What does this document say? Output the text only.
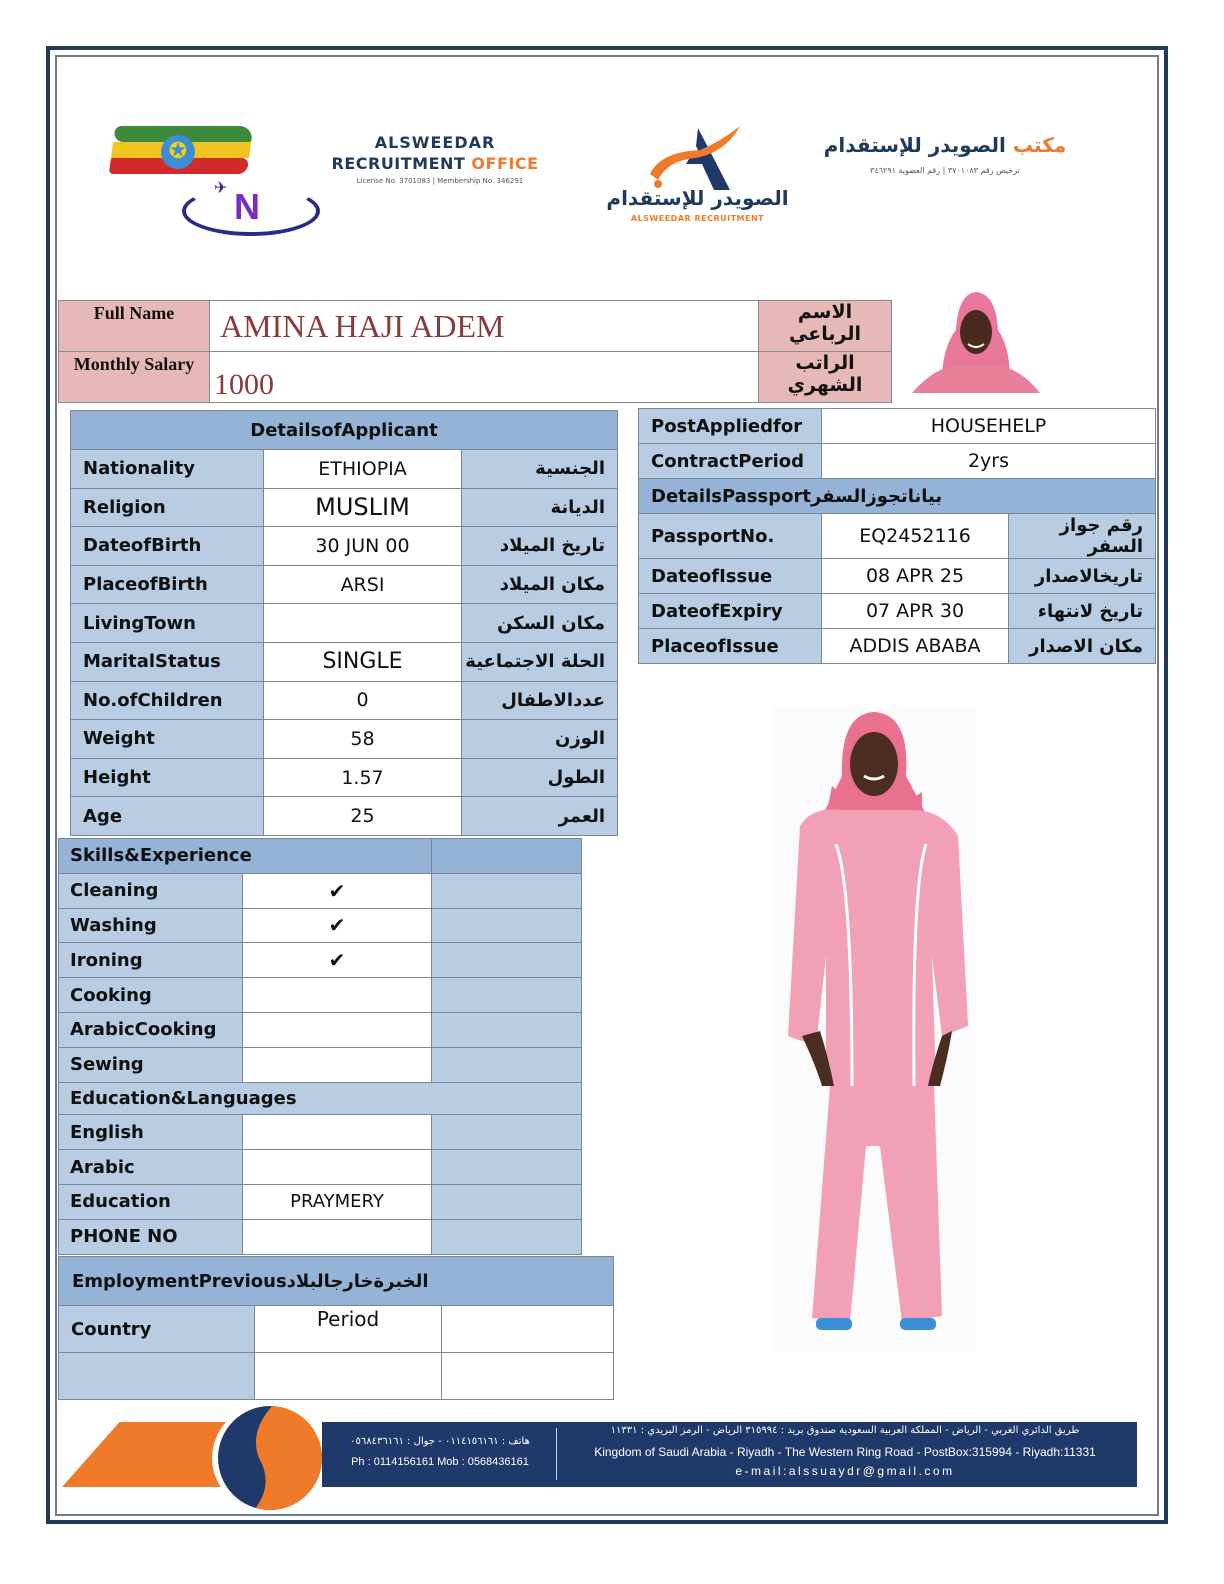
✪
✈ N
ALSWEEDAR
RECRUITMENT OFFICE
License No. 3701083 | Membership No. 346291
الصويدر للإستقدام
ALSWEEDAR RECRUITMENT
مكتب الصويدر للإستقدام
ترخيص رقم ٣٧٠١٠٨٣ | رقم العضوية ٣٤٦٢٩١
Full Name	AMINA HAJI ADEM	الاسم الرباعي
Monthly Salary	1000	الراتب الشهري
DetailsofApplicant		
Nationality	ETHIOPIA	الجنسية
Religion	MUSLIM	الديانة
DateofBirth	30 JUN 00	تاريخ الميلاد
PlaceofBirth	ARSI	مكان الميلاد
LivingTown		مكان السكن
MaritalStatus	SINGLE	الحلة الاجتماعية
No.ofChildren	0	عددالاطفال
Weight	58	الوزن
Height	1.57	الطول
Age	25	العمر
PostAppliedfor	HOUSEHELP	
ContractPeriod	2yrs	
DetailsPassportبياناتجوزالسفر		
PassportNo.	EQ2452116	رقم جواز السفر
DateofIssue	08 APR 25	تاريخالاصدار
DateofExpiry	07 APR 30	تاريخ لانتهاء
PlaceofIssue	ADDIS ABABA	مكان الاصدار
Skills&Experience		
Cleaning	✔	
Washing	✔	
Ironing	✔	
Cooking		
ArabicCooking		
Sewing		
Education&Languages		
English		
Arabic		
Education	PRAYMERY	
PHONE NO		
EmploymentPreviousالخبرةخارجالبلاد		
Country	Period	

هاتف : ٠١١٤١٥٦١٦١ - جوال : ٠٥٦٨٤٣٦١٦١
Ph : 0114156161 Mob : 0568436161
طريق الدائري الغربي - الرياض - المملكة العربية السعودية صندوق بريد : ٣١٥٩٩٤ الرياض - الرمز البريدي : ١١٣٣١
Kingdom of Saudi Arabia - Riyadh - The Western Ring Road - PostBox:315994 - Riyadh:11331
e-mail:alssuaydr@gmail.com
